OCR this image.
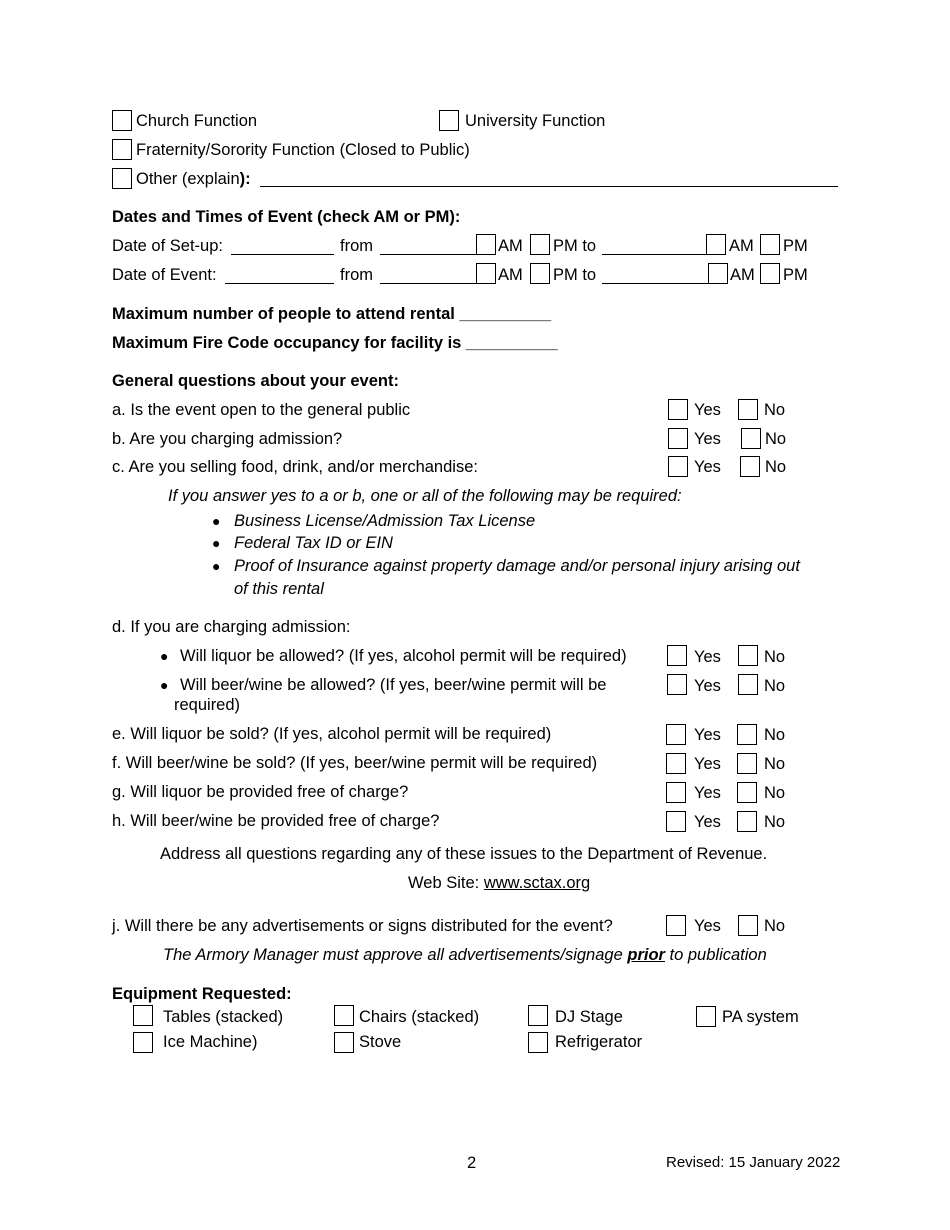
Church Function	University Function
Fraternity/Sorority Function (Closed to Public)
Other (explain):
Dates and Times of Event (check AM or PM):
Date of Set-up:	from	AM PM to	AM PM
Date of Event:	from	AM PM to	AM PM
Maximum number of people to attend rental __________
Maximum Fire Code occupancy for facility is __________
General questions about your event:
a. Is the event open to the general public	Yes	No
b. Are you charging admission?	Yes	No
c. Are you selling food, drink, and/or merchandise:	Yes	No
If you answer yes to a or b, one or all of the following may be required:
● Business License/Admission Tax License
● Federal Tax ID or EIN
● Proof of Insurance against property damage and/or personal injury arising out
of this rental
d. If you are charging admission:
● Will liquor be allowed? (If yes, alcohol permit will be required)	Yes	No
● Will beer/wine be allowed? (If yes, beer/wine permit will be
required)
Yes	No
e. Will liquor be sold? (If yes, alcohol permit will be required)	Yes	No
f. Will beer/wine be sold? (If yes, beer/wine permit will be required)	Yes	No
g. Will liquor be provided free of charge?	Yes	No
h. Will beer/wine be provided free of charge?	Yes	No
Address all questions regarding any of these issues to the Department of Revenue.
Web Site: www.sctax.org
j. Will there be any advertisements or signs distributed for the event?	Yes	No
The Armory Manager must approve all advertisements/signage prior to publication
Equipment Requested:
Tables (stacked)	Chairs (stacked)	DJ Stage	PA system
Ice Machine)	Stove	Refrigerator
2	Revised: 15 January 2022
